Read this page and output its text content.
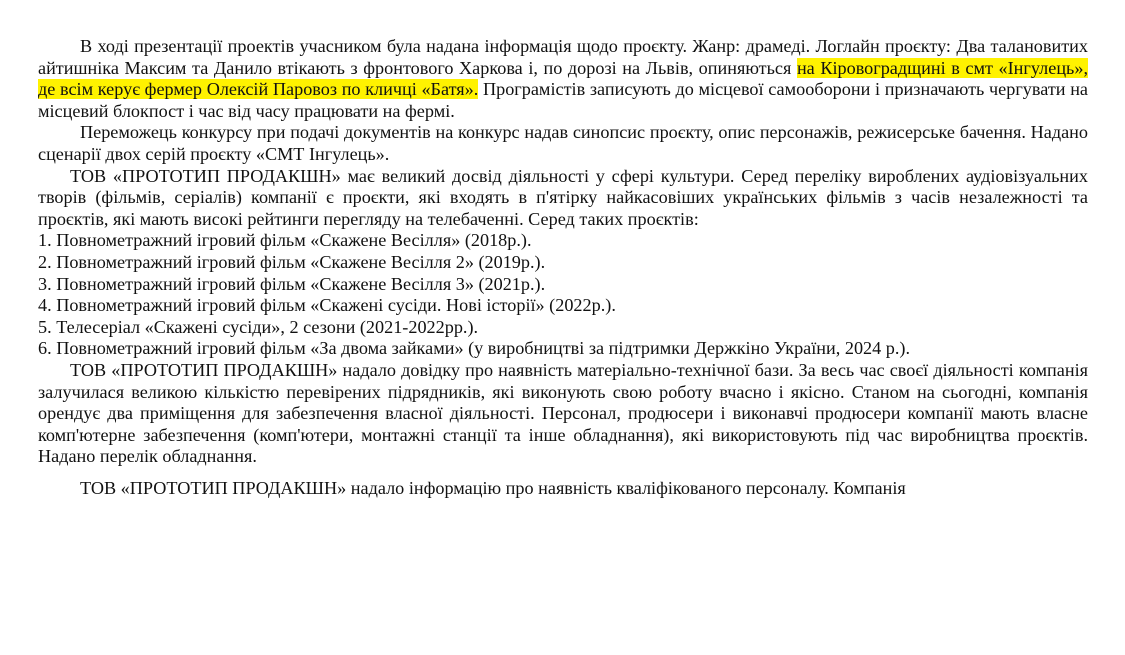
В ході презентації проектів учасником була надана інформація щодо проєкту. Жанр: драмеді. Логлайн проєкту: Два талановитих айтишніка Максим та Данило втікають з фронтового Харкова і, по дорозі на Львів, опиняються на Кіровоградщині в смт «Інгулець», де всім керує фермер Олексій Паровоз по кличці «Батя». Програмістів записують до місцевої самооборони і призначають чергувати на місцевий блокпост і час від часу працювати на фермі.

Переможець конкурсу при подачі документів на конкурс надав синопсис проєкту, опис персонажів, режисерське бачення. Надано сценарії двох серій проєкту «СМТ Інгулець».

ТОВ «ПРОТОТИП ПРОДАКШН» має великий досвід діяльності у сфері культури. Серед переліку вироблених аудіовізуальних творів (фільмів, серіалів) компанії є проєкти, які входять в п'ятірку найкасовіших українських фільмів з часів незалежності та проєктів, які мають високі рейтинги перегляду на телебаченні. Серед таких проєктів:

1. Повнометражний ігровий фільм «Скажене Весілля» (2018р.).

2. Повнометражний ігровий фільм «Скажене Весілля 2» (2019р.).

3. Повнометражний ігровий фільм «Скажене Весілля 3» (2021р.).

4. Повнометражний ігровий фільм «Скажені сусіди. Нові історії» (2022р.).

5. Телесеріал «Скажені сусіди», 2 сезони (2021-2022рр.).

6. Повнометражний ігровий фільм «За двома зайками» (у виробництві за підтримки Держкіно України, 2024 р.).

ТОВ «ПРОТОТИП ПРОДАКШН» надало довідку про наявність матеріально-технічної бази. За весь час своєї діяльності компанія залучилася великою кількістю перевірених підрядників, які виконують свою роботу вчасно і якісно. Станом на сьогодні, компанія орендує два приміщення для забезпечення власної діяльності. Персонал, продюсери і виконавчі продюсери компанії мають власне комп'ютерне забезпечення (комп'ютери, монтажні станції та інше обладнання), які використовують під час виробництва проєктів. Надано перелік обладнання.

ТОВ «ПРОТОТИП ПРОДАКШН» надало інформацію про наявність кваліфікованого персоналу. Компанія
